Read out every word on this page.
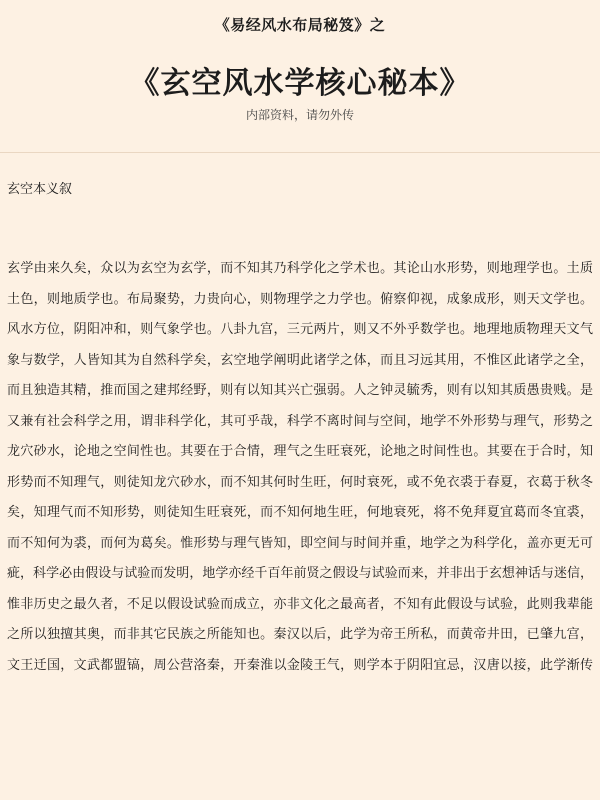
《易经风水布局秘笈》之
《玄空风水学核心秘本》
内部资料，请勿外传
玄空本义叙
玄学由来久矣，众以为玄空为玄学，而不知其乃科学化之学术也。其论山水形势，则地理学也。土质
土色，则地质学也。布局聚势，力贵向心，则物理学之力学也。俯察仰视，成象成形，则天文学也。
风水方位，阴阳冲和，则气象学也。八卦九宫，三元两片，则又不外乎数学也。地理地质物理天文气
象与数学，人皆知其为自然科学矣，玄空地学阐明此诸学之体，而且习远其用，不惟区此诸学之全，
而且独造其精，推而国之建邦经野，则有以知其兴亡强弱。人之钟灵毓秀，则有以知其质愚贵贱。是
又兼有社会科学之用，谓非科学化，其可乎哉，科学不离时间与空间，地学不外形势与理气，形势之
龙穴砂水，论地之空间性也。其要在于合情，理气之生旺衰死，论地之时间性也。其要在于合时，知
形势而不知理气，则徒知龙穴砂水，而不知其何时生旺，何时衰死，或不免衣裘于春夏，衣葛于秋冬
矣，知理气而不知形势，则徒知生旺衰死，而不知何地生旺，何地衰死，将不免拜夏宜葛而冬宜裘，
而不知何为裘，而何为葛矣。惟形势与理气皆知，即空间与时间并重，地学之为科学化，盖亦更无可
疵，科学必由假设与试验而发明，地学亦经千百年前贤之假设与试验而来，并非出于玄想神话与迷信，
惟非历史之最久者，不足以假设试验而成立，亦非文化之最高者，不知有此假设与试验，此则我辈能
之所以独擅其奥，而非其它民族之所能知也。秦汉以后，此学为帝王所私，而黄帝井田，已肇九宫，
文王迁国，文武都盟镐，周公营洛秦，开秦淮以金陵王气，则学本于阴阳宜忌，汉唐以接，此学渐传
